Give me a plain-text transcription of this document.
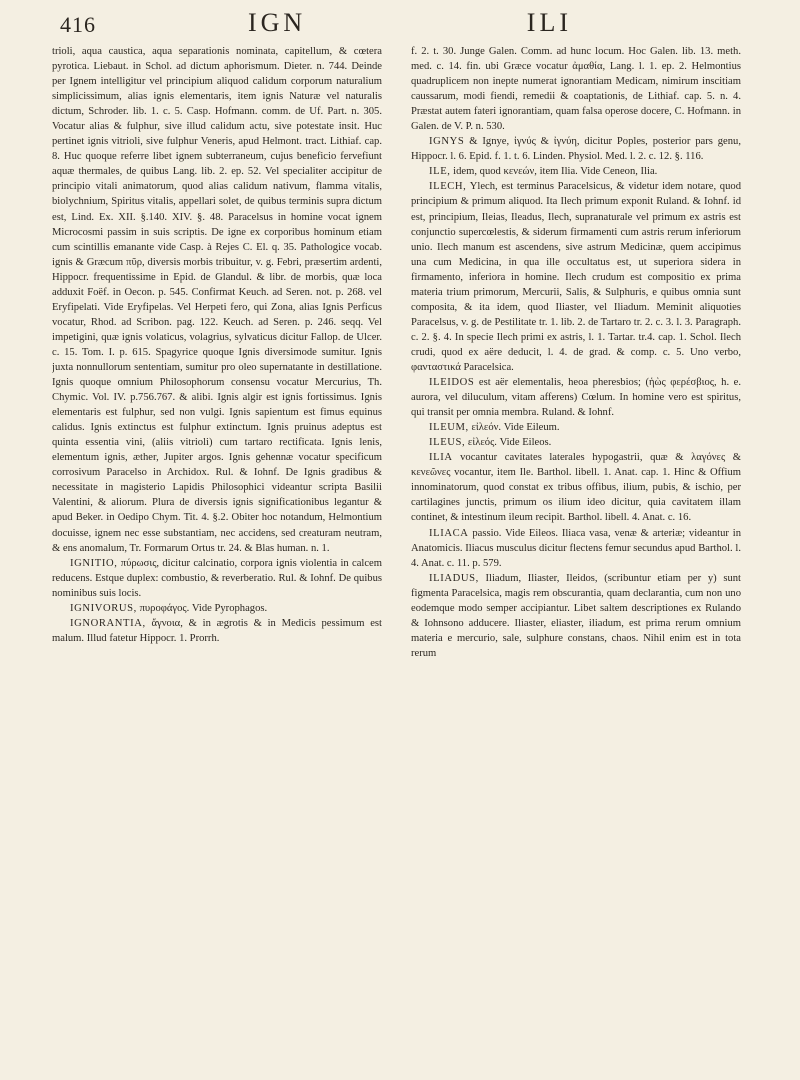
416	IGN	ILI

trioli, aqua caustica, aqua separationis nominata, capitellum, & cœtera pyrotica. Liebaut. in Schol. ad dictum aphorismum. Dieter. n. 744. Deinde per Ignem intelligitur vel principium aliquod calidum corporum naturalium simplicissimum, alias ignis elementaris, item ignis Naturæ vel naturalis dictum, Schroder. lib. 1. c. 5. Casp. Hofmann. comm. de Uf. Part. n. 305. Vocatur alias & fulphur, sive illud calidum actu, sive potestate insit. Huc pertinet ignis vitrioli, sive fulphur Veneris, apud Helmont. tract. Lithiaf. cap. 8. Huc quoque referre libet ignem subterraneum, cujus beneficio fervefiunt aquæ thermales, de quibus Lang. lib. 2. ep. 52. Vel specialiter accipitur de principio vitali animatorum, quod alias calidum nativum, flamma vitalis, biolychnium, Spiritus vitalis, appellari solet, de quibus terminis supra dictum est, Lind. Ex. XII. §.140. XIV. §. 48. Paracelsus in homine vocat ignem Microcosmi passim in suis scriptis. De igne ex corporibus hominum etiam cum scintillis emanante vide Casp. à Rejes C. El. q. 35. Pathologice vocab. ignis & Græcum πῦρ, diversis morbis tribuitur, v. g. Febri, præsertim ardenti, Hippocr. frequentissime in Epid. de Glandul. & libr. de morbis, quæ loca adduxit Foëf. in Oecon. p. 545. Confirmat Keuch. ad Seren. not. p. 268. vel Eryfipelati. Vide Eryfipelas. Vel Herpeti fero, qui Zona, alias Ignis Perficus vocatur, Rhod. ad Scribon. pag. 122. Keuch. ad Seren. p. 246. seqq. Vel impetigini, quæ ignis volaticus, volagrius, sylvaticus dicitur Fallop. de Ulcer. c. 15. Tom. I. p. 615. Spagyrice quoque Ignis diversimode sumitur. Ignis juxta nonnullorum sententiam, sumitur pro oleo supernatante in destillatione. Ignis quoque omnium Philosophorum consensu vocatur Mercurius, Th. Chymic. Vol. IV. p.756.767. & alibi. Ignis algir est ignis fortissimus. Ignis elementaris est fulphur, sed non vulgi. Ignis sapientum est fimus equinus calidus. Ignis extinctus est fulphur extinctum. Ignis pruinus adeptus est quinta essentia vini, (aliis vitrioli) cum tartaro rectificata. Ignis lenis, elementum ignis, æther, Jupiter argos. Ignis gehennæ vocatur specificum corrosivum Paracelso in Archidox. Rul. & Iohnf. De Ignis gradibus & necessitate in magisterio Lapidis Philosophici videantur scripta Basilii Valentini, & aliorum. Plura de diversis ignis significationibus legantur & apud Beker. in Oedipo Chym. Tit. 4. §.2. Obiter hoc notandum, Helmontium docuisse, ignem nec esse substantiam, nec accidens, sed creaturam neutram, & ens anomalum, Tr. Formarum Ortus tr. 24. & Blas human. n. 1.

IGNITIO, πύρωσις, dicitur calcinatio, corpora ignis violentia in calcem reducens. Estque duplex: combustio, & reverberatio. Rul. & Iohnf. De quibus nominibus suis locis.

IGNIVORUS, πυροφάγος. Vide Pyrophagos.

IGNORANTIA, ἄγνοια, & in ægrotis & in Medicis pessimum est malum. Illud fatetur Hippocr. 1. Prorrh.

f. 2. t. 30. Junge Galen. Comm. ad hunc locum. Hoc Galen. lib. 13. meth. med. c. 14. fin. ubi Græce vocatur ἀμαθία, Lang. l. 1. ep. 2. Helmontius quadruplicem non inepte numerat ignorantiam Medicam, nimirum inscitiam caussarum, modi fiendi, remedii & coaptationis, de Lithiaf. cap. 5. n. 4. Præstat autem fateri ignorantiam, quam falsa operose docere, C. Hofmann. in Galen. de V. P. n. 530.

IGNYS & Ignye, ἰγνύς & ἰγνύη, dicitur Poples, posterior pars genu, Hippocr. l. 6. Epid. f. 1. t. 6. Linden. Physiol. Med. l. 2. c. 12. §. 116.

ILE, idem, quod κενεών, item Ilia. Vide Ceneon, Ilia.

ILECH, Ylech, est terminus Paracelsicus, & videtur idem notare, quod principium & primum aliquod. Ita Ilech primum exponit Ruland. & Iohnf. id est, principium, Ileias, Ileadus, Ilech, supranaturale vel primum ex astris est conjunctio supercœlestis, & siderum firmamenti cum astris rerum inferiorum unio. Ilech manum est ascendens, sive astrum Medicinæ, quem accipimus una cum Medicina, in qua ille occultatus est, ut superiora sidera in firmamento, inferiora in homine. Ilech crudum est compositio ex prima materia trium primorum, Mercurii, Salis, & Sulphuris, e quibus omnia sunt composita, & ita idem, quod Iliaster, vel Iliadum. Meminit aliquoties Paracelsus, v. g. de Pestilitate tr. 1. lib. 2. de Tartaro tr. 2. c. 3. l. 3. Paragraph. c. 2. §. 4. In specie Ilech primi ex astris, l. 1. Tartar. tr.4. cap. 1. Schol. Ilech crudi, quod ex aëre deducit, l. 4. de grad. & comp. c. 5. Uno verbo, φανταστικά Paracelsica.

ILEIDOS est aër elementalis, heoa pheresbios; (ἡὼς φερέσβιος, h. e. aurora, vel diluculum, vitam afferens) Cœlum. In homine vero est spiritus, qui transit per omnia membra. Ruland. & Iohnf.

ILEUM, εἰλεόν. Vide Eileum.

ILEUS, εἰλεός. Vide Eileos.

ILIA vocantur cavitates laterales hypogastrii, quæ & λαγόνες & κενεῶνες vocantur, item Ile. Barthol. libell. 1. Anat. cap. 1. Hinc & Offium innominatorum, quod constat ex tribus offibus, ilium, pubis, & ischio, per cartilagines junctis, primum os ilium ideo dicitur, quia cavitatem illam continet, & intestinum ileum recipit. Barthol. libell. 4. Anat. c. 16.

ILIACA passio. Vide Eileos. Iliaca vasa, venæ & arteriæ; videantur in Anatomicis. Iliacus musculus dicitur flectens femur secundus apud Barthol. l. 4. Anat. c. 11. p. 579.

ILIADUS, Iliadum, Iliaster, Ileidos, (scribuntur etiam per y) sunt figmenta Paracelsica, magis rem obscurantia, quam declarantia, cum non uno eodemque modo semper accipiantur. Libet saltem descriptiones ex Rulando & Iohnsono adducere. Iliaster, eliaster, iliadum, est prima rerum omnium materia e mercurio, sale, sulphure constans, chaos. Nihil enim est in tota rerum
